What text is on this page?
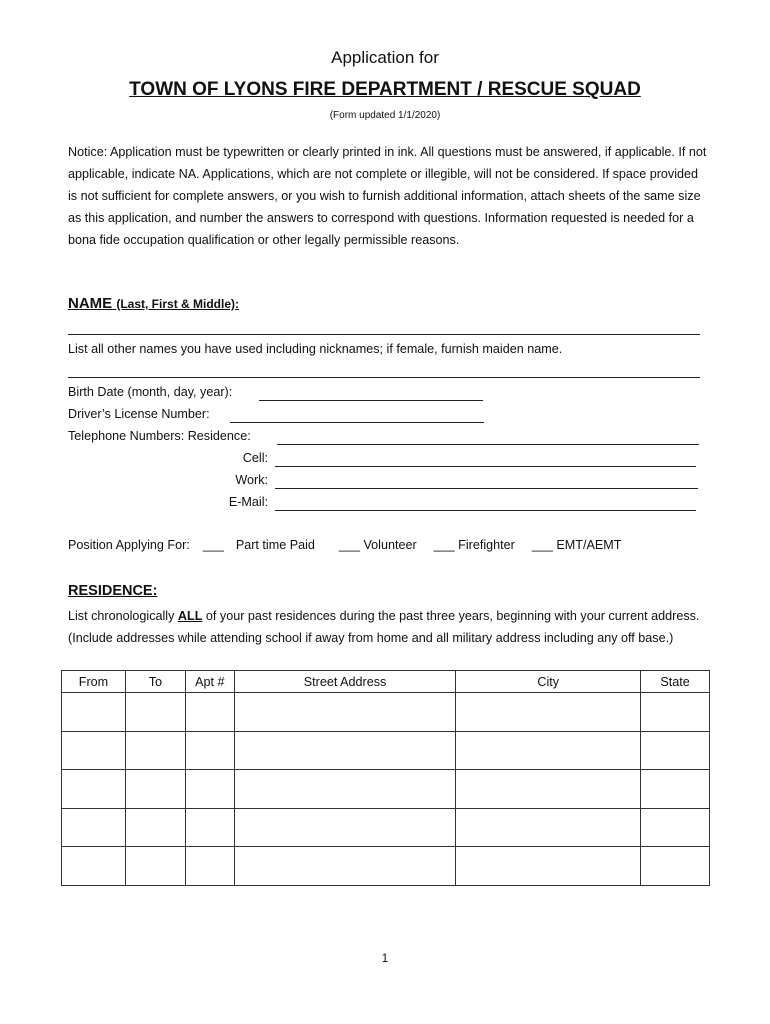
Application for
TOWN OF LYONS FIRE DEPARTMENT / RESCUE SQUAD
(Form updated 1/1/2020)
Notice: Application must be typewritten or clearly printed in ink. All questions must be answered, if applicable. If not applicable, indicate NA. Applications, which are not complete or illegible, will not be considered. If space provided is not sufficient for complete answers, or you wish to furnish additional information, attach sheets of the same size as this application, and number the answers to correspond with questions. Information requested is needed for a bona fide occupation qualification or other legally permissible reasons.
NAME (Last, First & Middle):
List all other names you have used including nicknames; if female, furnish maiden name.
Birth Date (month, day, year):
Driver’s License Number:
Telephone Numbers: Residence:
Cell:
Work:
E-Mail:
Position Applying For: ___ Part time Paid ___ Volunteer ___ Firefighter ___ EMT/AEMT
RESIDENCE:
List chronologically ALL of your past residences during the past three years, beginning with your current address. (Include addresses while attending school if away from home and all military address including any off base.)
From	To	Apt #	Street Address	City	State

1
